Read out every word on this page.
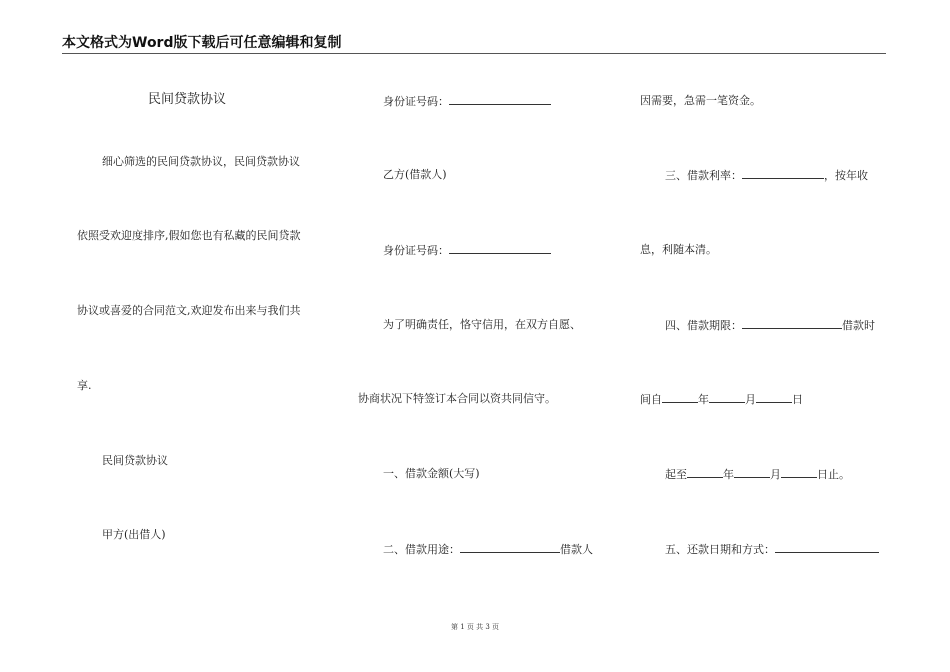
本文格式为Word版下载后可任意编辑和复制
民间贷款协议
细心筛选的民间贷款协议，民间贷款协议
依照受欢迎度排序,假如您也有私藏的民间贷款
协议或喜爱的合同范文,欢迎发布出来与我们共
享.
民间贷款协议
甲方(出借人)
身份证号码：
乙方(借款人)
身份证号码：
为了明确责任，恪守信用，在双方自愿、
协商状况下特签订本合同以资共同信守。
一、借款金额(大写)
二、借款用途：	借款人
因需要，急需一笔资金。
三、借款利率：	，按年收
息，利随本清。
四、借款期限：	借款时
间自	年	月	日
起至	年	月	日止。
五、还款日期和方式：
第 1 页 共 3 页
